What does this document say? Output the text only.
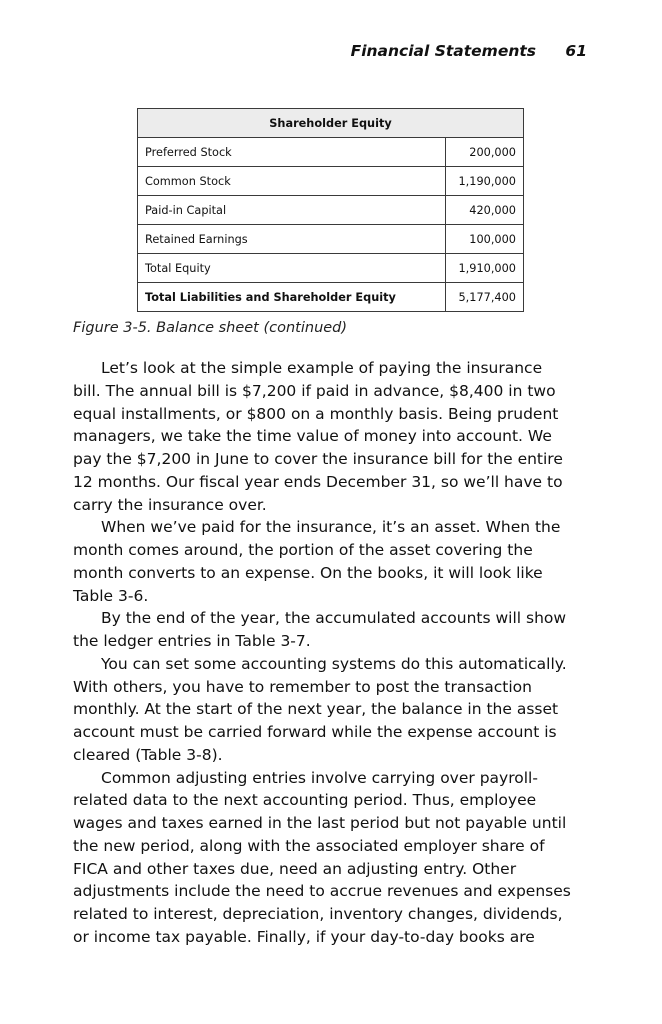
Financial Statements 61
Shareholder Equity	
Preferred Stock	200,000
Common Stock	1,190,000
Paid-in Capital	420,000
Retained Earnings	100,000
Total Equity	1,910,000
Total Liabilities and Shareholder Equity	5,177,400
Figure 3-5. Balance sheet (continued)
Let’s look at the simple example of paying the insurance
bill. The annual bill is $7,200 if paid in advance, $8,400 in two
equal installments, or $800 on a monthly basis. Being prudent
managers, we take the time value of money into account. We
pay the $7,200 in June to cover the insurance bill for the entire
12 months. Our fiscal year ends December 31, so we’ll have to
carry the insurance over.
When we’ve paid for the insurance, it’s an asset. When the
month comes around, the portion of the asset covering the
month converts to an expense. On the books, it will look like
Table 3-6.
By the end of the year, the accumulated accounts will show
the ledger entries in Table 3-7.
You can set some accounting systems do this automatically.
With others, you have to remember to post the transaction
monthly. At the start of the next year, the balance in the asset
account must be carried forward while the expense account is
cleared (Table 3-8).
Common adjusting entries involve carrying over payroll-
related data to the next accounting period. Thus, employee
wages and taxes earned in the last period but not payable until
the new period, along with the associated employer share of
FICA and other taxes due, need an adjusting entry. Other
adjustments include the need to accrue revenues and expenses
related to interest, depreciation, inventory changes, dividends,
or income tax payable. Finally, if your day-to-day books are
